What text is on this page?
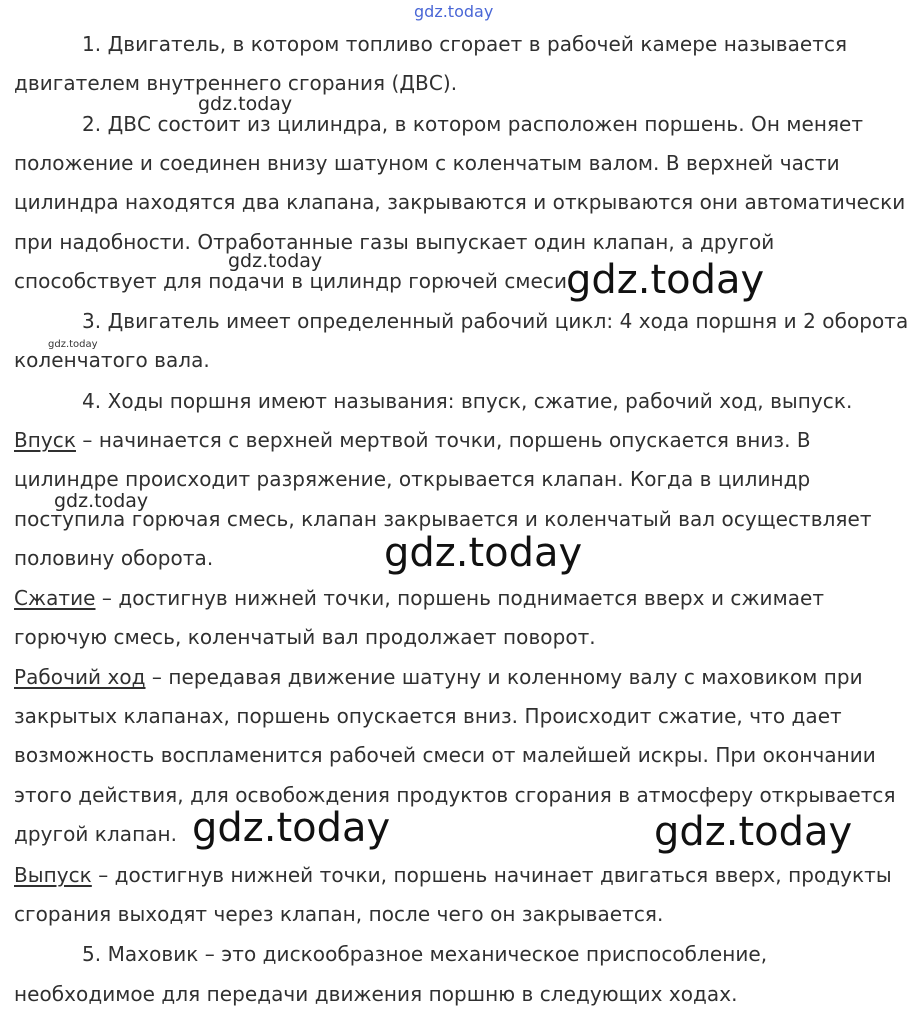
gdz.today
gdz.today
gdz.today	gdz.today
gdz.today
gdz.today
gdz.today
gdz.today	gdz.today
1. Двигатель, в котором топливо сгорает в рабочей камере называется
двигателем внутреннего сгорания (ДВС).
2. ДВС состоит из цилиндра, в котором расположен поршень. Он меняет
положение и соединен внизу шатуном с коленчатым валом. В верхней части
цилиндра находятся два клапана, закрываются и открываются они автоматически
при надобности. Отработанные газы выпускает один клапан, а другой
способствует для подачи в цилиндр горючей смеси
3. Двигатель имеет определенный рабочий цикл: 4 хода поршня и 2 оборота
коленчатого вала.
4. Ходы поршня имеют называния: впуск, сжатие, рабочий ход, выпуск.
Впуск – начинается с верхней мертвой точки, поршень опускается вниз. В
цилиндре происходит разряжение, открывается клапан. Когда в цилиндр
поступила горючая смесь, клапан закрывается и коленчатый вал осуществляет
половину оборота.
Сжатие – достигнув нижней точки, поршень поднимается вверх и сжимает
горючую смесь, коленчатый вал продолжает поворот.
Рабочий ход – передавая движение шатуну и коленному валу с маховиком при
закрытых клапанах, поршень опускается вниз. Происходит сжатие, что дает
возможность воспламенится рабочей смеси от малейшей искры. При окончании
этого действия, для освобождения продуктов сгорания в атмосферу открывается
другой клапан.
Выпуск – достигнув нижней точки, поршень начинает двигаться вверх, продукты
сгорания выходят через клапан, после чего он закрывается.
5. Маховик – это дискообразное механическое приспособление,
необходимое для передачи движения поршню в следующих ходах.
